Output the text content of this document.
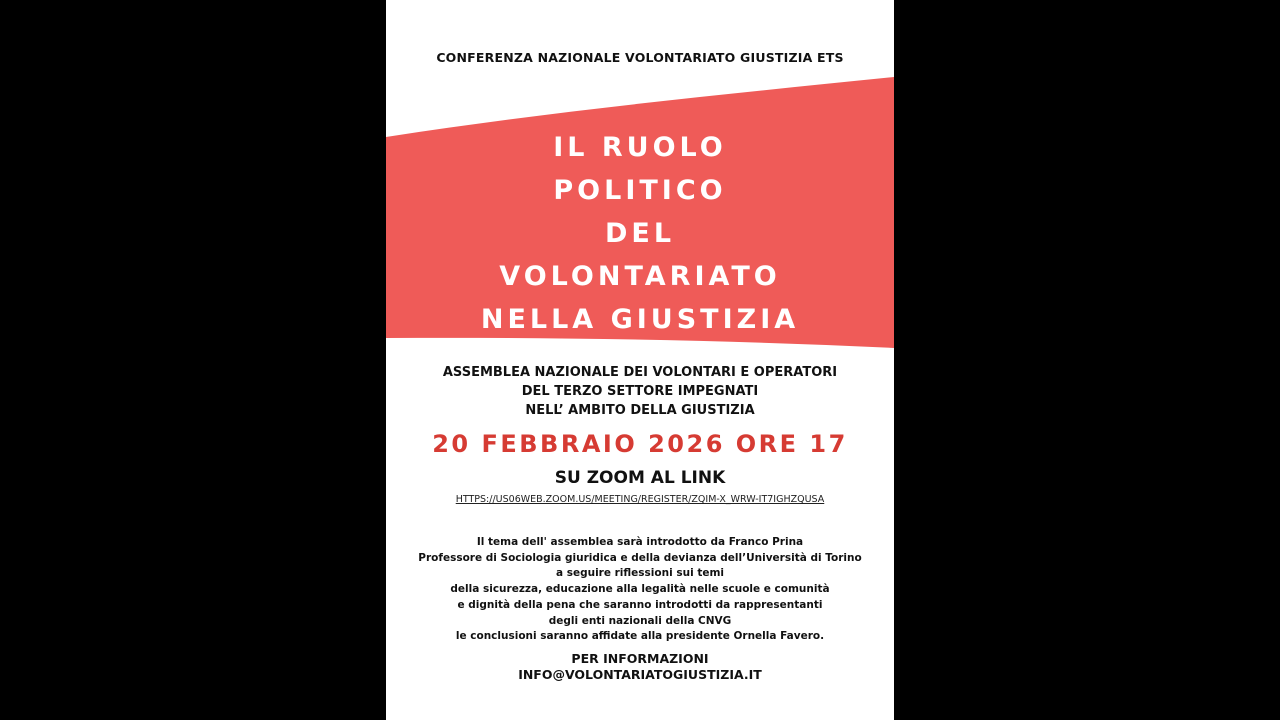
CONFERENZA NAZIONALE VOLONTARIATO GIUSTIZIA ETS
IL RUOLO
POLITICO
DEL
VOLONTARIATO
NELLA GIUSTIZIA
ASSEMBLEA NAZIONALE DEI VOLONTARI E OPERATORI
DEL TERZO SETTORE IMPEGNATI
NELL’ AMBITO DELLA GIUSTIZIA
20 FEBBRAIO 2026 ORE 17
SU ZOOM AL LINK
HTTPS://US06WEB.ZOOM.US/MEETING/REGISTER/ZQIM-X_WRW-IT7IGHZQUSA
Il tema dell' assemblea sarà introdotto da Franco Prina
Professore di Sociologia giuridica e della devianza dell’Università di Torino
a seguire riflessioni sui temi
della sicurezza, educazione alla legalità nelle scuole e comunità
e dignità della pena che saranno introdotti da rappresentanti
degli enti nazionali della CNVG
le conclusioni saranno affidate alla presidente Ornella Favero.
PER INFORMAZIONI
INFO@VOLONTARIATOGIUSTIZIA.IT
